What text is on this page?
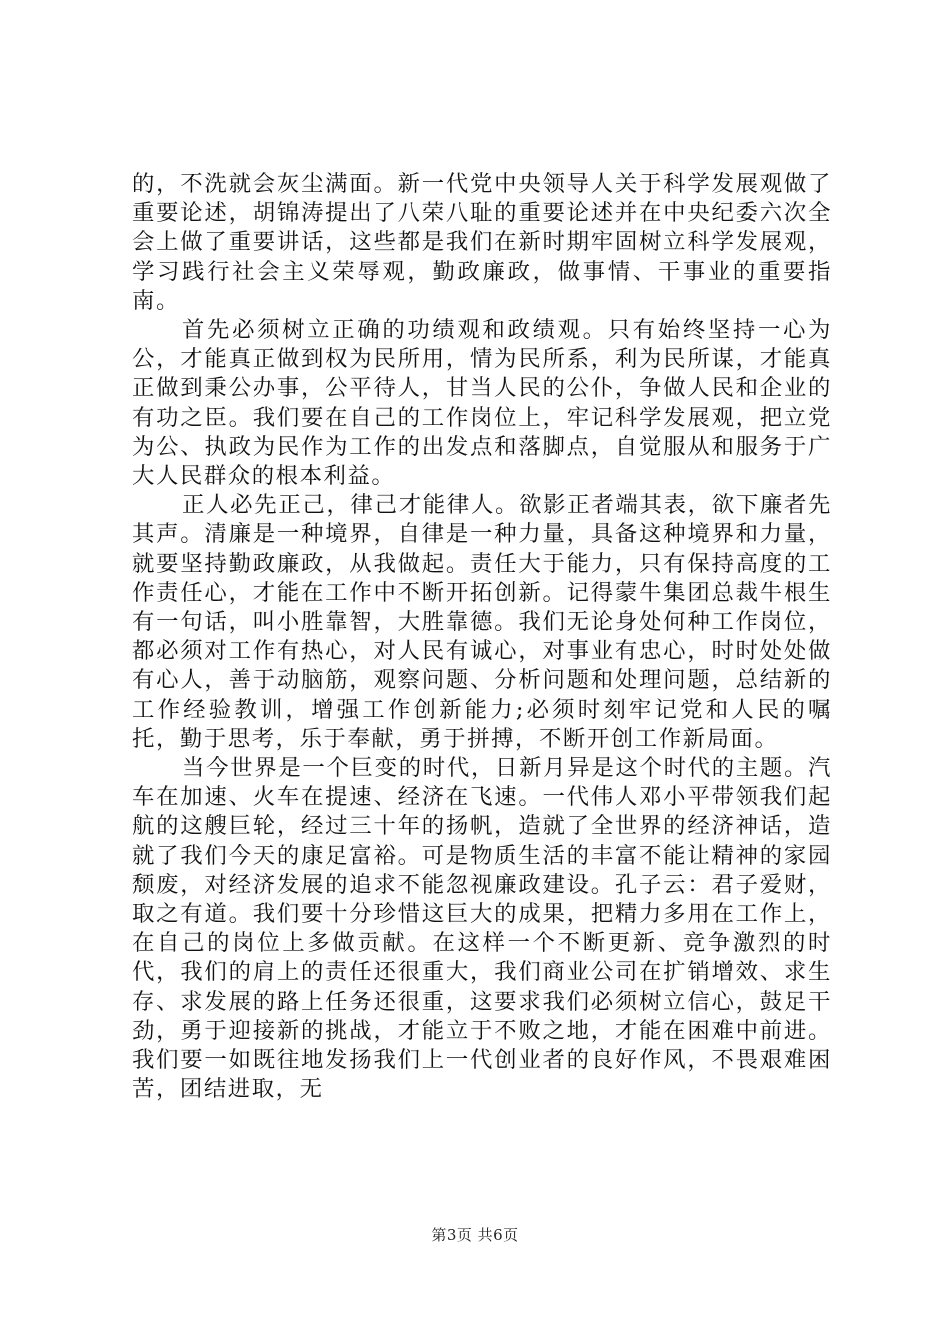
的，不洗就会灰尘满面。新一代党中央领导人关于科学发展观做了重要论述，胡锦涛提出了八荣八耻的重要论述并在中央纪委六次全会上做了重要讲话，这些都是我们在新时期牢固树立科学发展观，学习践行社会主义荣辱观，勤政廉政，做事情、干事业的重要指南。

首先必须树立正确的功绩观和政绩观。只有始终坚持一心为公，才能真正做到权为民所用，情为民所系，利为民所谋，才能真正做到秉公办事，公平待人，甘当人民的公仆，争做人民和企业的有功之臣。我们要在自己的工作岗位上，牢记科学发展观，把立党为公、执政为民作为工作的出发点和落脚点，自觉服从和服务于广大人民群众的根本利益。

正人必先正己，律己才能律人。欲影正者端其表，欲下廉者先其声。清廉是一种境界，自律是一种力量，具备这种境界和力量，就要坚持勤政廉政，从我做起。责任大于能力，只有保持高度的工作责任心，才能在工作中不断开拓创新。记得蒙牛集团总裁牛根生有一句话，叫小胜靠智，大胜靠德。我们无论身处何种工作岗位，都必须对工作有热心，对人民有诚心，对事业有忠心，时时处处做有心人，善于动脑筋，观察问题、分析问题和处理问题，总结新的工作经验教训，增强工作创新能力;必须时刻牢记党和人民的嘱托，勤于思考，乐于奉献，勇于拼搏，不断开创工作新局面。

当今世界是一个巨变的时代，日新月异是这个时代的主题。汽车在加速、火车在提速、经济在飞速。一代伟人邓小平带领我们起航的这艘巨轮，经过三十年的扬帆，造就了全世界的经济神话，造就了我们今天的康足富裕。可是物质生活的丰富不能让精神的家园颓废，对经济发展的追求不能忽视廉政建设。孔子云：君子爱财，取之有道。我们要十分珍惜这巨大的成果，把精力多用在工作上，在自己的岗位上多做贡献。在这样一个不断更新、竞争激烈的时代，我们的肩上的责任还很重大，我们商业公司在扩销增效、求生存、求发展的路上任务还很重，这要求我们必须树立信心，鼓足干劲，勇于迎接新的挑战，才能立于不败之地，才能在困难中前进。我们要一如既往地发扬我们上一代创业者的良好作风，不畏艰难困苦，团结进取，无

第3页 共6页
